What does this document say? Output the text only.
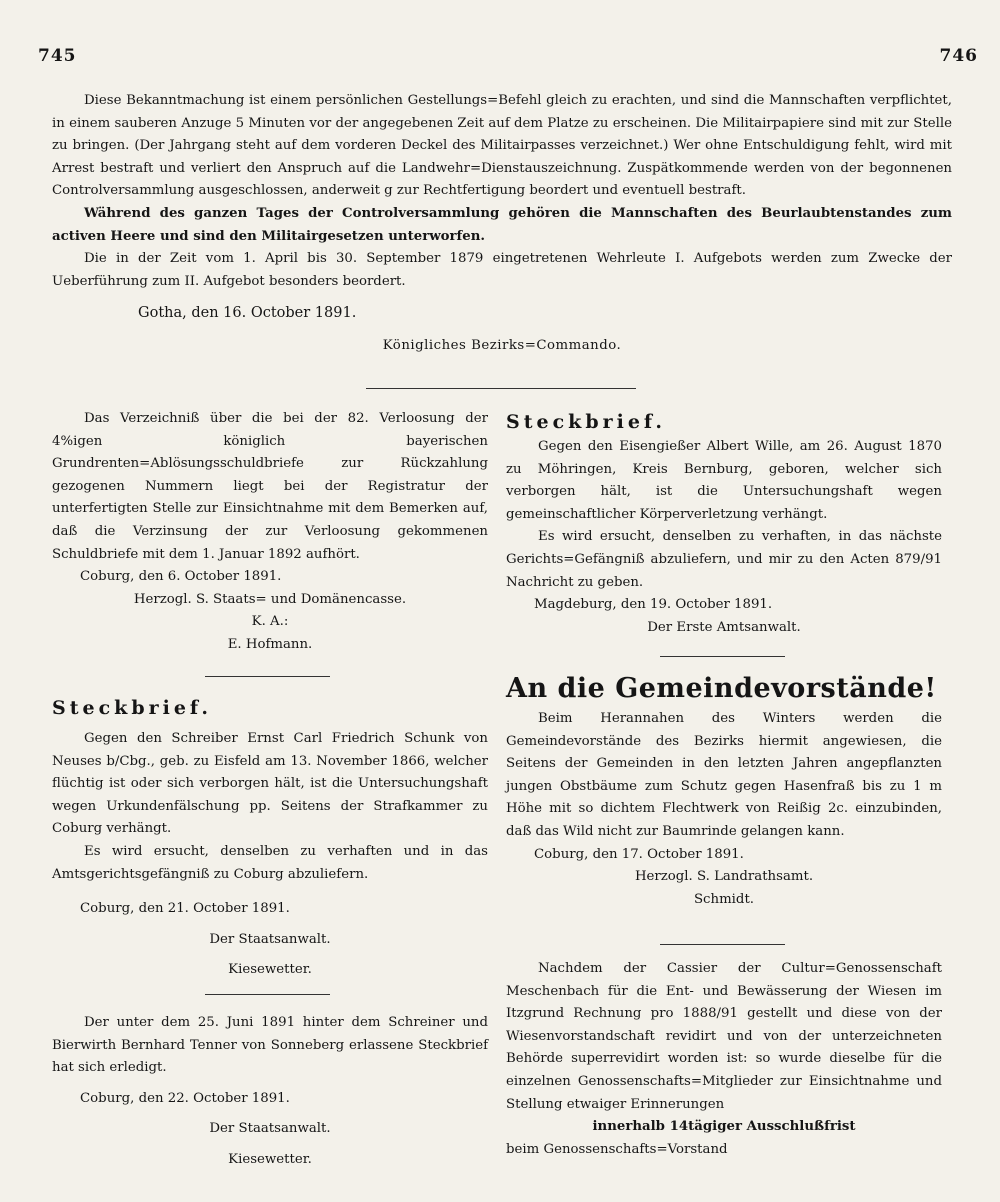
745	746

Diese Bekanntmachung ist einem persönlichen Gestellungs=Befehl gleich zu erachten, und sind die Mannschaften verpflichtet, in einem sauberen Anzuge 5 Minuten vor der angegebenen Zeit auf dem Platze zu erscheinen. Die Militairpapiere sind mit zur Stelle zu bringen. (Der Jahrgang steht auf dem vorderen Deckel des Militairpasses verzeichnet.) Wer ohne Entschuldigung fehlt, wird mit Arrest bestraft und verliert den Anspruch auf die Landwehr=Dienstauszeichnung. Zuspätkommende werden von der begonnenen Controlversammlung ausgeschlossen, anderweit g zur Rechtfertigung beordert und eventuell bestraft.

Während des ganzen Tages der Controlversammlung gehören die Mannschaften des Beurlaubtenstandes zum activen Heere und sind den Militairgesetzen unterworfen.

Die in der Zeit vom 1. April bis 30. September 1879 eingetretenen Wehrleute I. Aufgebots werden zum Zwecke der Ueberführung zum II. Aufgebot besonders beordert.

Gotha, den 16. October 1891.

Königliches Bezirks=Commando.

Das Verzeichniß über die bei der 82. Verloosung der 4%igen königlich bayerischen Grundrenten=Ablösungsschuldbriefe zur Rückzahlung gezogenen Nummern liegt bei der Registratur der unterfertigten Stelle zur Einsichtnahme mit dem Bemerken auf, daß die Verzinsung der zur Verloosung gekommenen Schuldbriefe mit dem 1. Januar 1892 aufhört.

Coburg, den 6. October 1891.

Herzogl. S. Staats= und Domänencasse.

K. A.:

E. Hofmann.

Steckbrief.

Gegen den Schreiber Ernst Carl Friedrich Schunk von Neuses b/Cbg., geb. zu Eisfeld am 13. November 1866, welcher flüchtig ist oder sich verborgen hält, ist die Untersuchungshaft wegen Urkundenfälschung pp. Seitens der Strafkammer zu Coburg verhängt.

Es wird ersucht, denselben zu verhaften und in das Amtsgerichtsgefängniß zu Coburg abzuliefern.

Coburg, den 21. October 1891.

Der Staatsanwalt.

Kiesewetter.

Der unter dem 25. Juni 1891 hinter dem Schreiner und Bierwirth Bernhard Tenner von Sonneberg erlassene Steckbrief hat sich erledigt.

Coburg, den 22. October 1891.

Der Staatsanwalt.

Kiesewetter.

Steckbrief.

Gegen den Eisengießer Albert Wille, am 26. August 1870 zu Möhringen, Kreis Bernburg, geboren, welcher sich verborgen hält, ist die Untersuchungshaft wegen gemeinschaftlicher Körperverletzung verhängt.

Es wird ersucht, denselben zu verhaften, in das nächste Gerichts=Gefängniß abzuliefern, und mir zu den Acten 879/91 Nachricht zu geben.

Magdeburg, den 19. October 1891.

Der Erste Amtsanwalt.

An die Gemeindevorstände!

Beim Herannahen des Winters werden die Gemeindevorstände des Bezirks hiermit angewiesen, die Seitens der Gemeinden in den letzten Jahren angepflanzten jungen Obstbäume zum Schutz gegen Hasenfraß bis zu 1 m Höhe mit so dichtem Flechtwerk von Reißig 2c. einzubinden, daß das Wild nicht zur Baumrinde gelangen kann.

Coburg, den 17. October 1891.

Herzogl. S. Landrathsamt.

Schmidt.

Nachdem der Cassier der Cultur=Genossenschaft Meschenbach für die Ent- und Bewässerung der Wiesen im Itzgrund Rechnung pro 1888/91 gestellt und diese von der Wiesenvorstandschaft revidirt und von der unterzeichneten Behörde superrevidirt worden ist: so wurde dieselbe für die einzelnen Genossenschafts=Mitglieder zur Einsichtnahme und Stellung etwaiger Erinnerungen

innerhalb 14tägiger Ausschlußfrist

beim Genossenschafts=Vorstand
